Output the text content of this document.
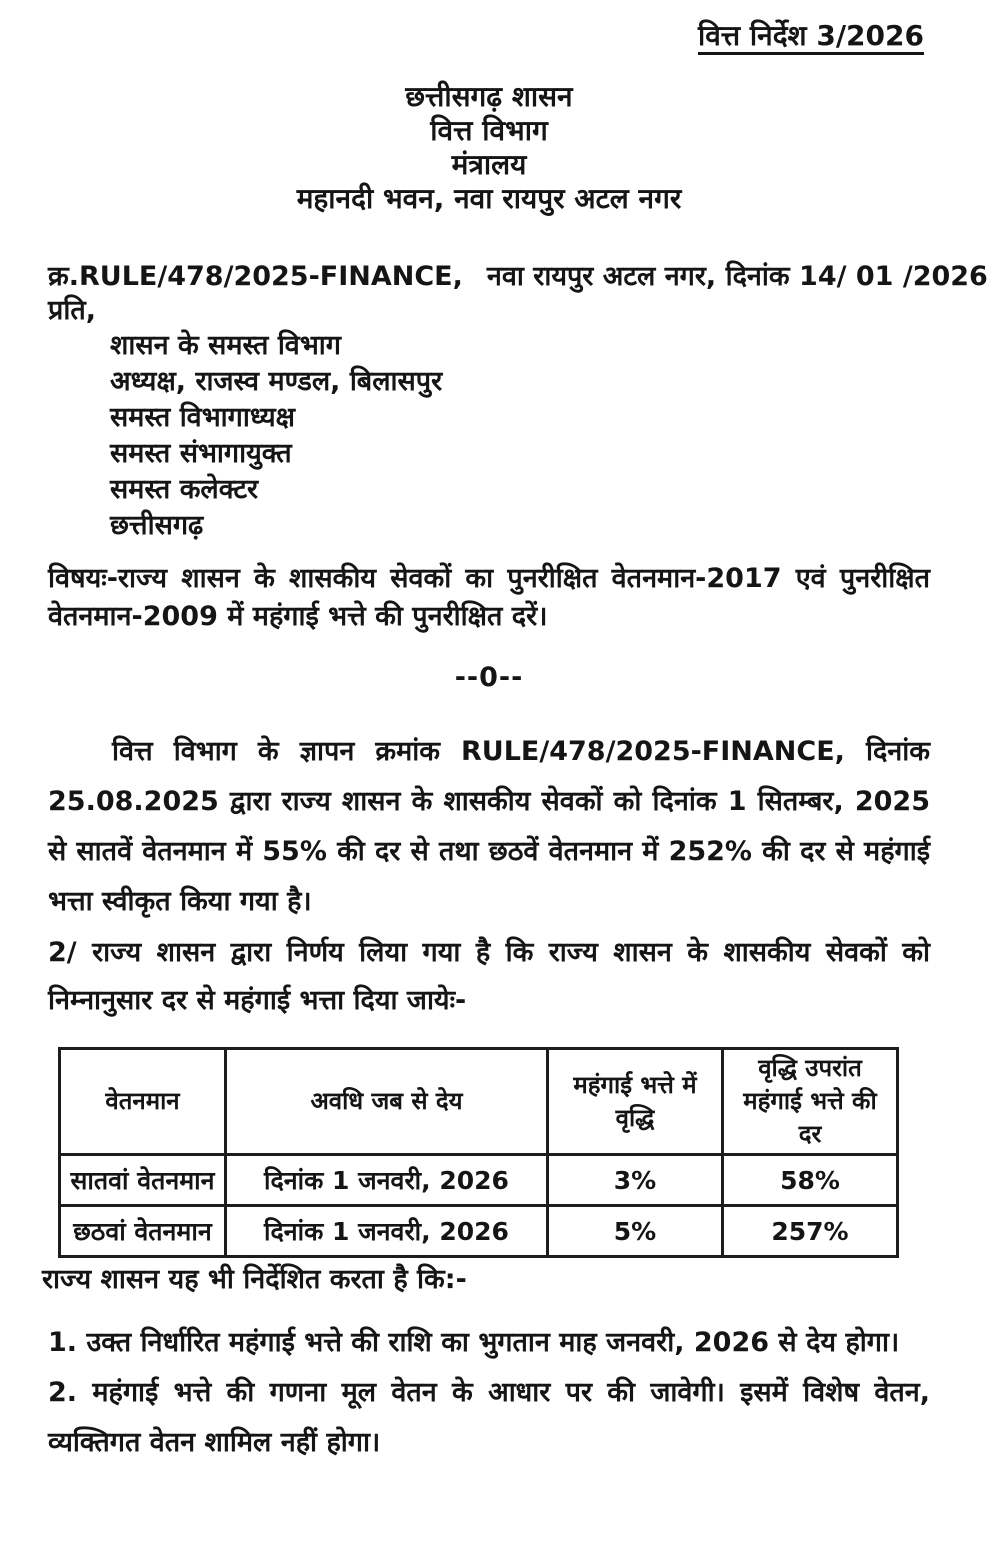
वित्त निर्देश 3/2026
छत्तीसगढ़ शासन
वित्त विभाग
मंत्रालय
महानदी भवन, नवा रायपुर अटल नगर
क्र.RULE/478/2025-FINANCE, नवा रायपुर अटल नगर, दिनांक 14/ 01 /2026
प्रति,
शासन के समस्त विभाग
अध्यक्ष, राजस्व मण्डल, बिलासपुर
समस्त विभागाध्यक्ष
समस्त संभागायुक्त
समस्त कलेक्टर
छत्तीसगढ़
विषयः-राज्य शासन के शासकीय सेवकों का पुनरीक्षित वेतनमान-2017 एवं पुनरीक्षित वेतनमान-2009 में महंगाई भत्ते की पुनरीक्षित दरें।
--0--
वित्त विभाग के ज्ञापन क्रमांक RULE/478/2025-FINANCE, दिनांक 25.08.2025 द्वारा राज्य शासन के शासकीय सेवकों को दिनांक 1 सितम्बर, 2025 से सातवें वेतनमान में 55% की दर से तथा छठवें वेतनमान में 252% की दर से महंगाई भत्ता स्वीकृत किया गया है।
2/ राज्य शासन द्वारा निर्णय लिया गया है कि राज्य शासन के शासकीय सेवकों को निम्नानुसार दर से महंगाई भत्ता दिया जायेः-
वेतनमान	अवधि जब से देय	महंगाई भत्ते में वृद्धि	वृद्धि उपरांत महंगाई भत्ते की दर
सातवां वेतनमान	दिनांक 1 जनवरी, 2026	3%	58%
छठवां वेतनमान	दिनांक 1 जनवरी, 2026	5%	257%
राज्य शासन यह भी निर्देशित करता है कि:-

1. उक्त निर्धारित महंगाई भत्ते की राशि का भुगतान माह जनवरी, 2026 से देय होगा।

2. महंगाई भत्ते की गणना मूल वेतन के आधार पर की जावेगी। इसमें विशेष वेतन, व्यक्तिगत वेतन शामिल नहीं होगा।
